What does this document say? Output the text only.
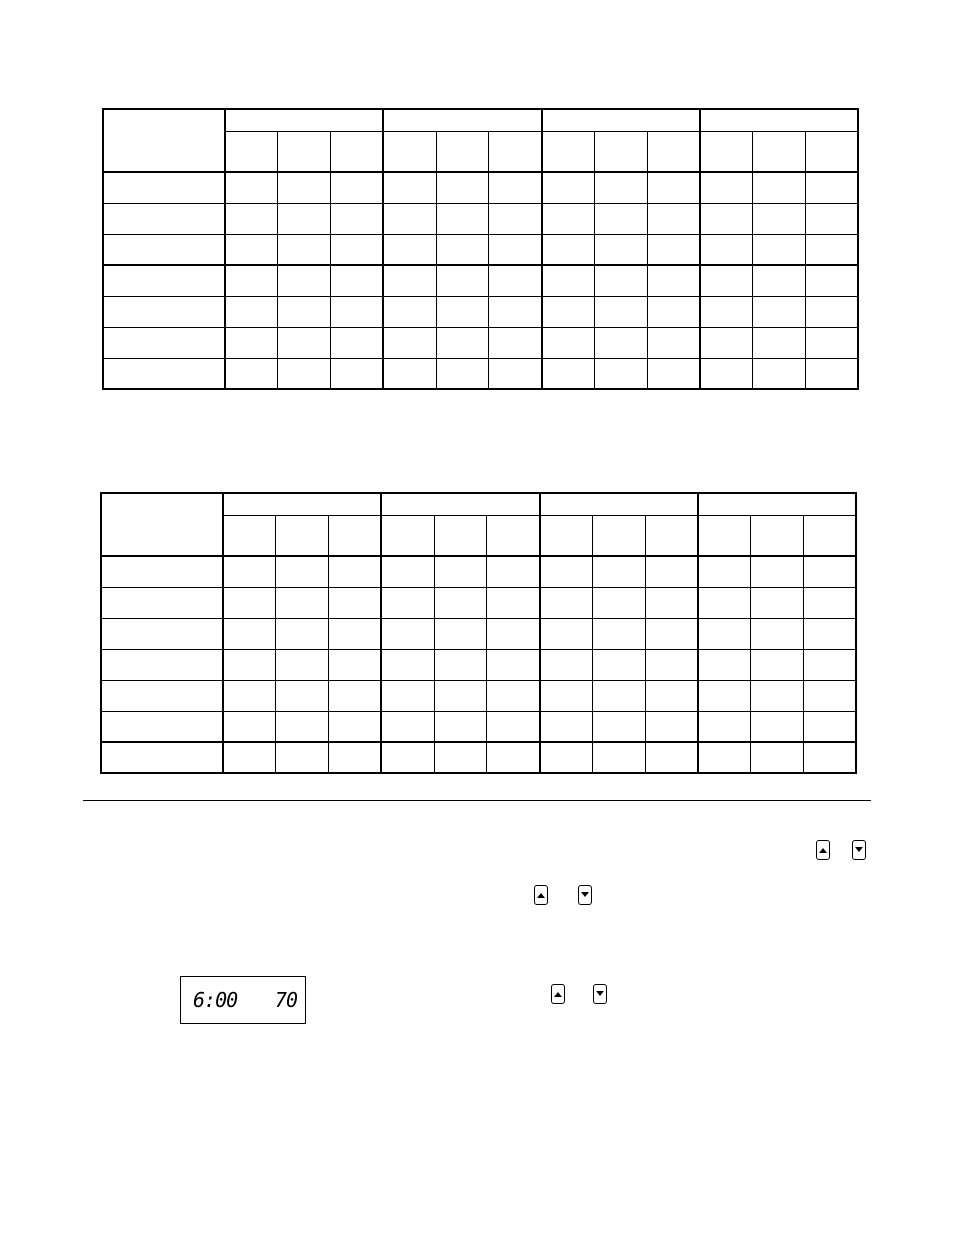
6:00 70
